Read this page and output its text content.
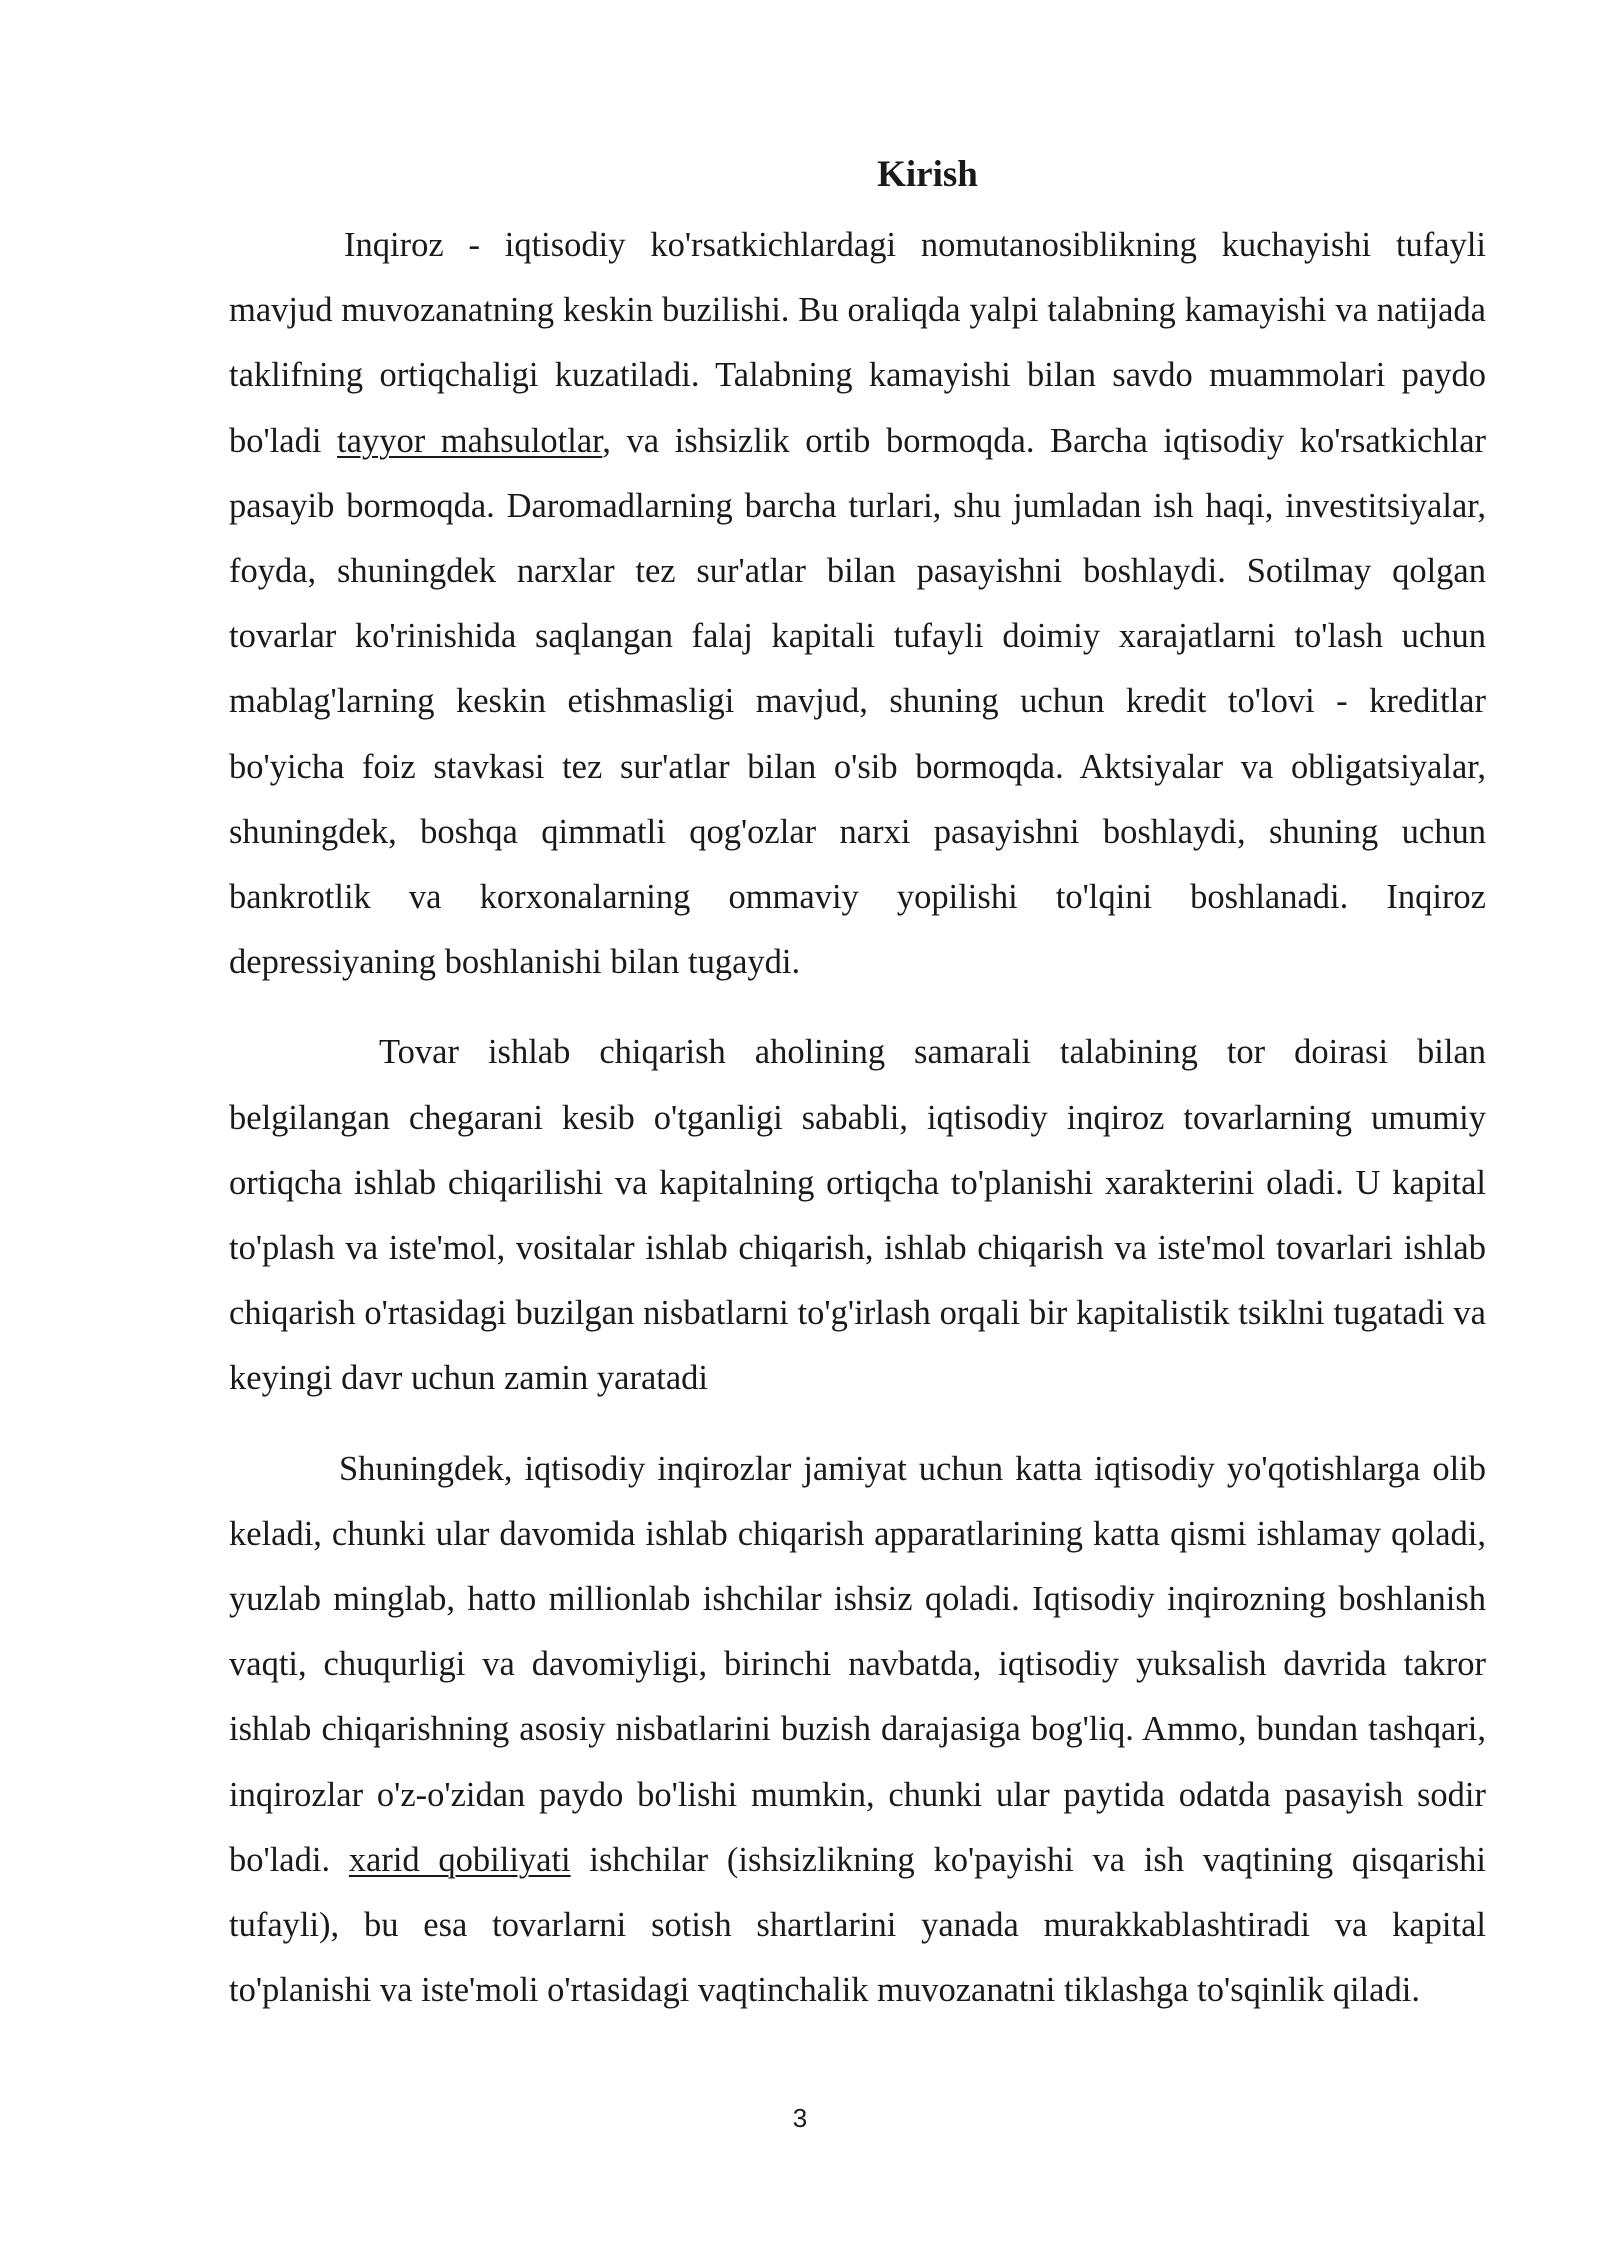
Kirish

Inqiroz - iqtisodiy ko'rsatkichlardagi nomutanosiblikning kuchayishi tufayli mavjud muvozanatning keskin buzilishi. Bu oraliqda yalpi talabning kamayishi va natijada taklifning ortiqchaligi kuzatiladi. Talabning kamayishi bilan savdo muammolari paydo bo'ladi tayyor mahsulotlar, va ishsizlik ortib bormoqda. Barcha iqtisodiy ko'rsatkichlar pasayib bormoqda. Daromadlarning barcha turlari, shu jumladan ish haqi, investitsiyalar, foyda, shuningdek narxlar tez sur'atlar bilan pasayishni boshlaydi. Sotilmay qolgan tovarlar ko'rinishida saqlangan falaj kapitali tufayli doimiy xarajatlarni to'lash uchun mablag'larning keskin etishmasligi mavjud, shuning uchun kredit to'lovi - kreditlar bo'yicha foiz stavkasi tez sur'atlar bilan o'sib bormoqda. Aktsiyalar va obligatsiyalar, shuningdek, boshqa qimmatli qog'ozlar narxi pasayishni boshlaydi, shuning uchun bankrotlik va korxonalarning ommaviy yopilishi to'lqini boshlanadi. Inqiroz depressiyaning boshlanishi bilan tugaydi.

Tovar ishlab chiqarish aholining samarali talabining tor doirasi bilan belgilangan chegarani kesib o'tganligi sababli, iqtisodiy inqiroz tovarlarning umumiy ortiqcha ishlab chiqarilishi va kapitalning ortiqcha to'planishi xarakterini oladi. U kapital to'plash va iste'mol, vositalar ishlab chiqarish, ishlab chiqarish va iste'mol tovarlari ishlab chiqarish o'rtasidagi buzilgan nisbatlarni to'g'irlash orqali bir kapitalistik tsiklni tugatadi va keyingi davr uchun zamin yaratadi

Shuningdek, iqtisodiy inqirozlar jamiyat uchun katta iqtisodiy yo'qotishlarga olib keladi, chunki ular davomida ishlab chiqarish apparatlarining katta qismi ishlamay qoladi, yuzlab minglab, hatto millionlab ishchilar ishsiz qoladi. Iqtisodiy inqirozning boshlanish vaqti, chuqurligi va davomiyligi, birinchi navbatda, iqtisodiy yuksalish davrida takror ishlab chiqarishning asosiy nisbatlarini buzish darajasiga bog'liq. Ammo, bundan tashqari, inqirozlar o'z-o'zidan paydo bo'lishi mumkin, chunki ular paytida odatda pasayish sodir bo'ladi. xarid qobiliyati ishchilar (ishsizlikning ko'payishi va ish vaqtining qisqarishi tufayli), bu esa tovarlarni sotish shartlarini yanada murakkablashtiradi va kapital to'planishi va iste'moli o'rtasidagi vaqtinchalik muvozanatni tiklashga to'sqinlik qiladi.

3
